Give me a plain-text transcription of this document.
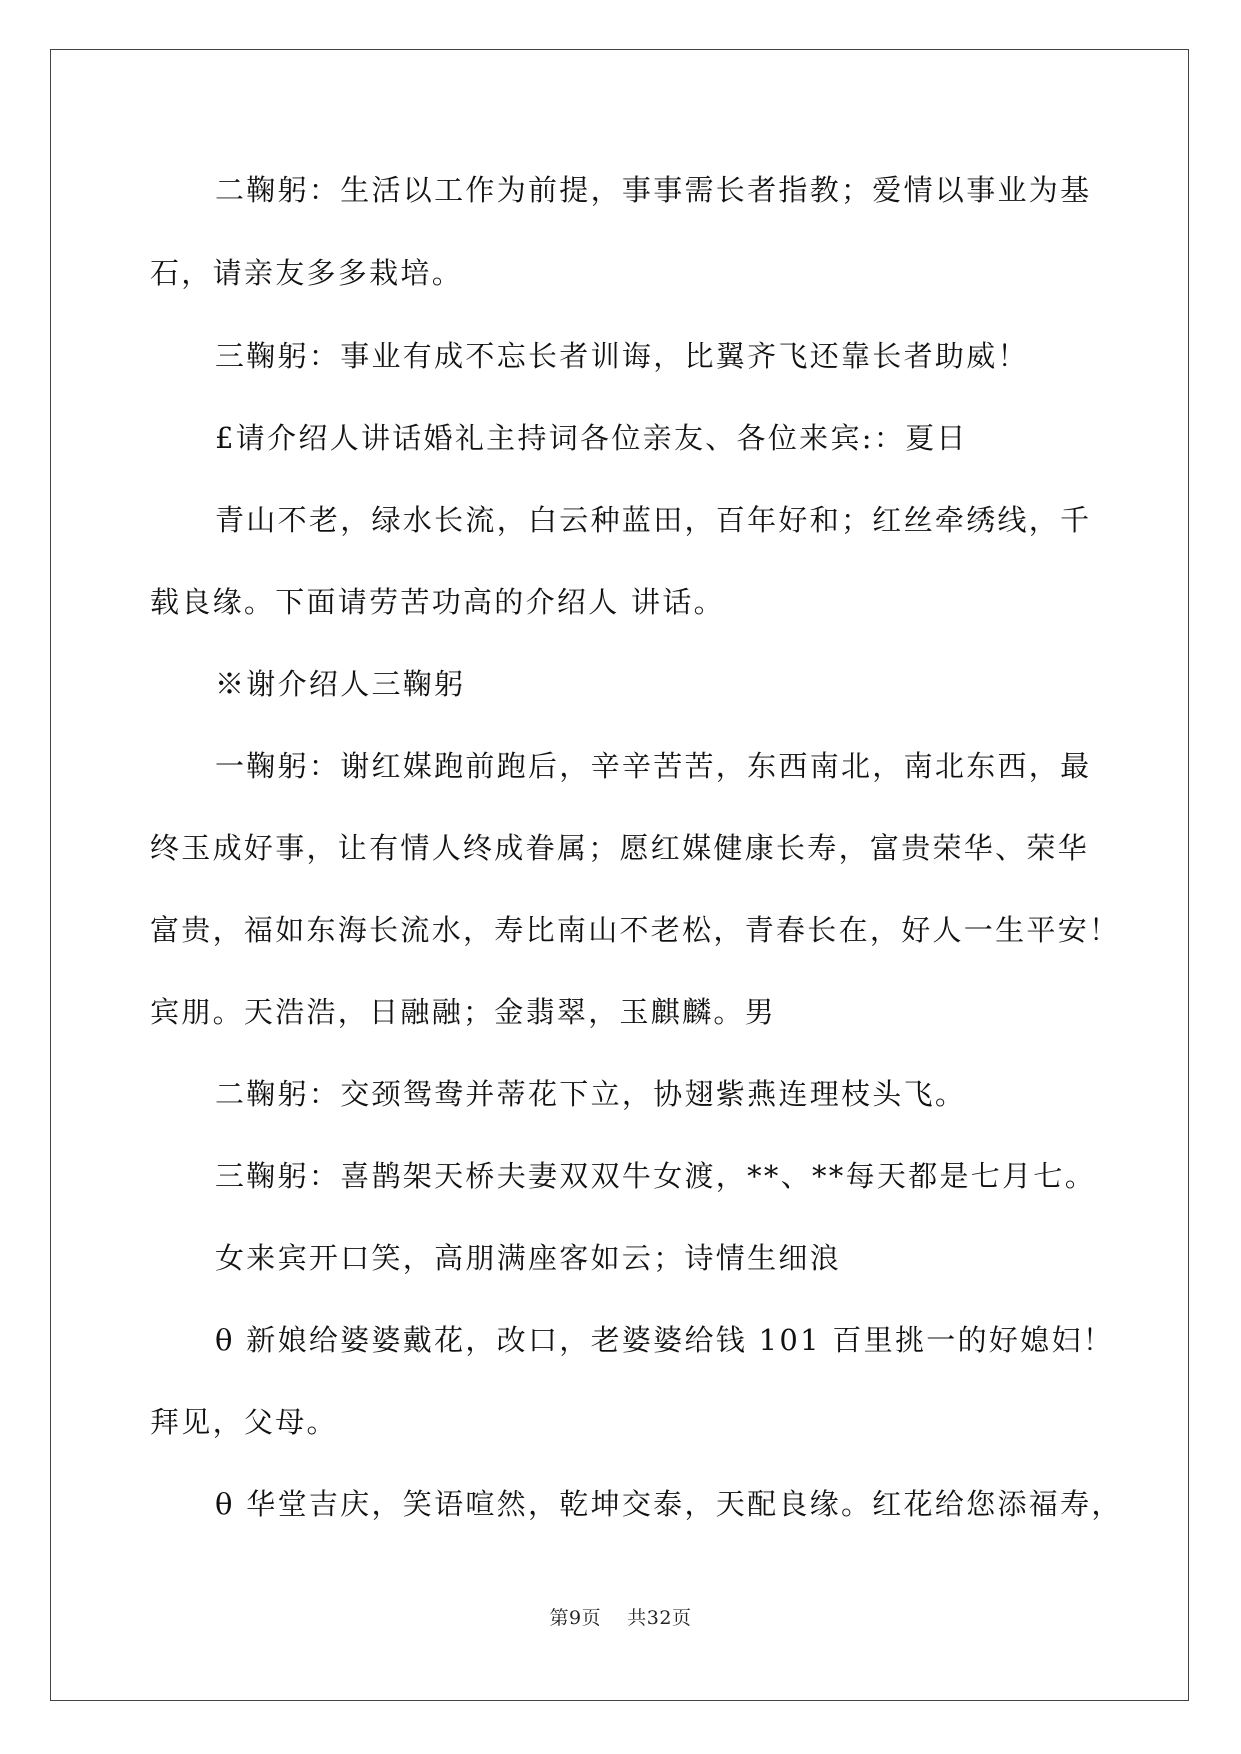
二鞠躬：生活以工作为前提，事事需长者指教；爱情以事业为基
石，请亲友多多栽培。
三鞠躬：事业有成不忘长者训诲，比翼齐飞还靠长者助威！
£请介绍人讲话婚礼主持词各位亲友、各位来宾:：夏日
青山不老，绿水长流，白云种蓝田，百年好和；红丝牵绣线，千
载良缘。下面请劳苦功高的介绍人 讲话。
※谢介绍人三鞠躬
一鞠躬：谢红媒跑前跑后，辛辛苦苦，东西南北，南北东西，最
终玉成好事，让有情人终成眷属；愿红媒健康长寿，富贵荣华、荣华
富贵，福如东海长流水，寿比南山不老松，青春长在，好人一生平安！
宾朋。天浩浩，日融融；金翡翠，玉麒麟。男
二鞠躬：交颈鸳鸯并蒂花下立，协翅紫燕连理枝头飞。
三鞠躬：喜鹊架天桥夫妻双双牛女渡，**、**每天都是七月七。
女来宾开口笑，高朋满座客如云；诗情生细浪
θ 新娘给婆婆戴花，改口，老婆婆给钱 101 百里挑一的好媳妇！
拜见，父母。
θ 华堂吉庆，笑语喧然，乾坤交泰，天配良缘。红花给您添福寿，
第9页 共32页
